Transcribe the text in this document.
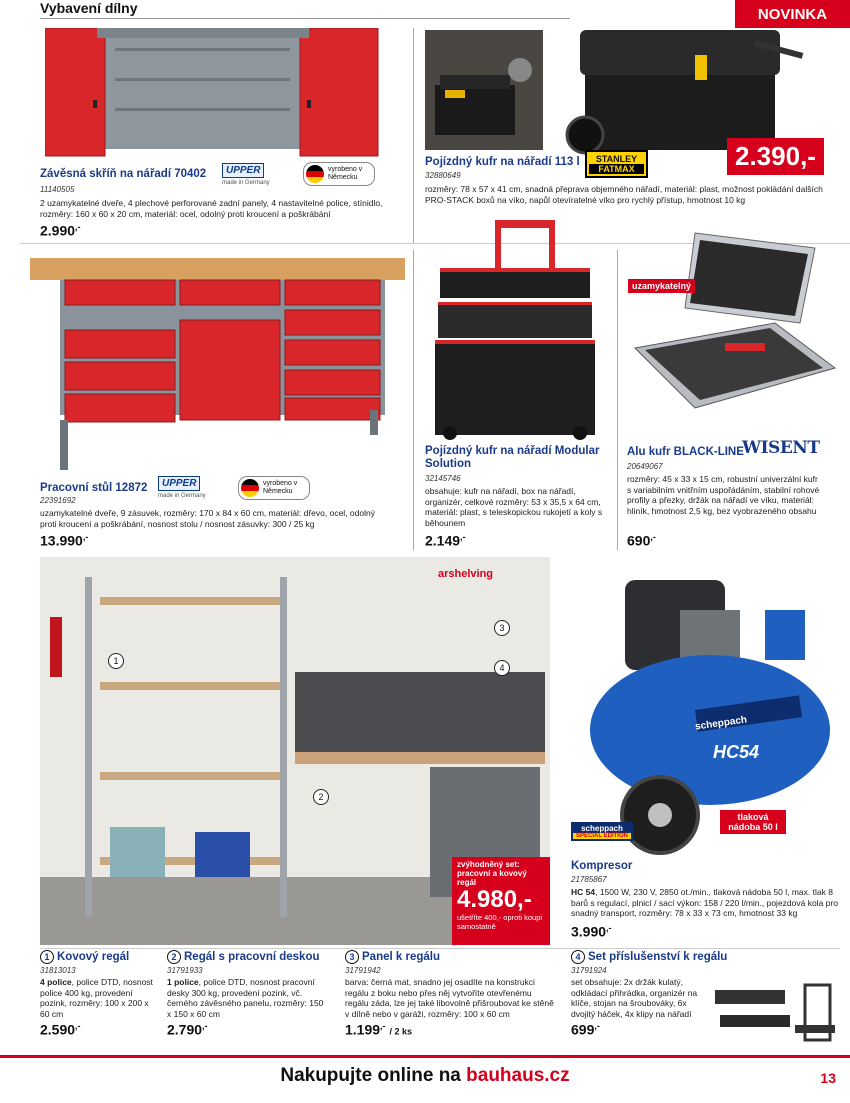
Vybavení dílny	NOVINKA
Závěsná skříň na nářadí 70402	UPPER
made in Germany
vyrobeno v Německu
11140505
2 uzamykatelné dveře, 4 plechové perforované zadní panely, 4 nastavitelné police, stínidlo, rozměry: 160 x 60 x 20 cm, materiál: ocel, odolný proti kroucení a poškrábání
2.990,-
2.390,-
Pojízdný kufr na nářadí 113 l	STANLEY
FATMAX
32880649
rozměry: 78 x 57 x 41 cm, snadná přeprava objemného nářadí, materiál: plast, možnost pokládání dalších PRO-STACK boxů na víko, napůl otevíratelné víko pro rychlý přístup, hmotnost 10 kg
Pracovní stůl 12872	UPPER
made in Germany
vyrobeno v Německu
22391692
uzamykatelné dveře, 9 zásuvek, rozměry: 170 x 84 x 60 cm, materiál: dřevo, ocel, odolný proti kroucení a poškrábání, nosnost stolu / nosnost zásuvky: 300 / 25 kg
13.990,-
Pojízdný kufr na nářadí Modular Solution
32145746
obsahuje: kufr na nářadí, box na nářadí, organizér, celkové rozměry: 53 x 35,5 x 64 cm, materiál: plast, s teleskopickou rukojetí a koly s běhounem
2.149,-
uzamykatelný
Alu kufr BLACK-LINE
WISENT
20649067
rozměry: 45 x 33 x 15 cm, robustní univerzální kufr s variabilním vnitřním uspořádáním, stabilní rohové profily a přezky, držák na nářadí ve víku, materiál: hliník, hmotnost 2,5 kg, bez vyobrazeného obsahu
690,-
arshelving
1
2
3
4
zvýhodněný set: pracovní a kovový regál
4.980,-
ušetříte 400,- oproti koupi samostatně
HC54
scheppach
tlaková nádoba 50 l
scheppach
SPECIAL EDITION
Kompresor
21785867
HC 54, 1500 W, 230 V, 2850 ot./min., tlaková nádoba 50 l, max. tlak 8 barů s regulací, plnicí / sací výkon: 158 / 220 l/min., pojezdová kola pro snadný transport, rozměry: 78 x 33 x 73 cm, hmotnost 33 kg
3.990,-
1 Kovový regál
31813013
4 police, police DTD, nosnost police 400 kg, provedení pozink, rozměry: 100 x 200 x 60 cm
2.590,-
2 Regál s pracovní deskou
31791933
1 police, police DTD, nosnost pracovní desky 300 kg, provedení pozink, vč. černého závěsného panelu, rozměry: 150 x 150 x 60 cm
2.790,-
3 Panel k regálu
31791942
barva: černá mat, snadno jej osadíte na konstrukci regálu z boku nebo přes něj vytvoříte otevřenému regálu záda, lze jej také libovolně přišroubovat ke stěně v dílně nebo v garáži, rozměry: 100 x 60 cm
1.199,- / 2 ks
4 Set příslušenství k regálu
31791924
set obsahuje: 2x držák kulatý, odkládací přihrádka, organizér na klíče, stojan na šroubováky, 6x dvojitý háček, 4x klipy na nářadí
699,-
Nakupujte online na bauhaus.cz	13
